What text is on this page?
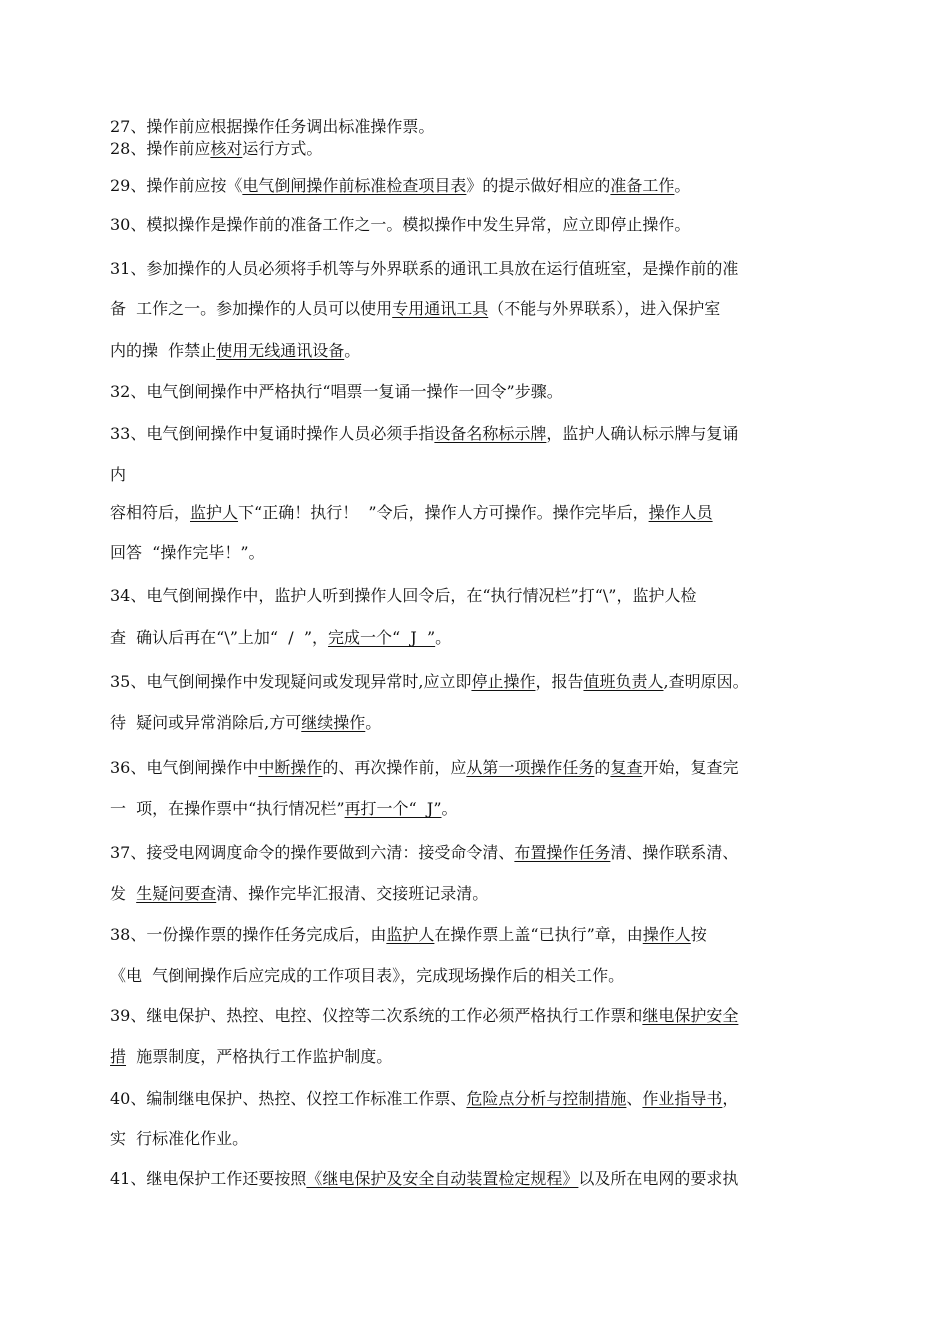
27、操作前应根据操作任务调出标准操作票。
28、操作前应核对运行方式。
29、操作前应按《电气倒闸操作前标准检查项目表》的提示做好相应的准备工作。
30、模拟操作是操作前的准备工作之一。模拟操作中发生异常，应立即停止操作。
31、参加操作的人员必须将手机等与外界联系的通讯工具放在运行值班室，是操作前的准
备  工作之一。参加操作的人员可以使用专用通讯工具（不能与外界联系），进入保护室
内的操  作禁止使用无线通讯设备。
32、电气倒闸操作中严格执行“唱票一复诵一操作一回令”步骤。
33、电气倒闸操作中复诵时操作人员必须手指设备名称标示牌，监护人确认标示牌与复诵
内
容相符后，监护人下“正确！执行！  ”令后，操作人方可操作。操作完毕后，操作人员
回答  “操作完毕！”。
34、电气倒闸操作中，监护人听到操作人回令后，在“执行情况栏”打“\”，监护人检
查  确认后再在“\”上加“  /  ”，完成一个“  J  ”。
35、电气倒闸操作中发现疑问或发现异常时,应立即停止操作，报告值班负责人,查明原因。
待  疑问或异常消除后,方可继续操作。
36、电气倒闸操作中中断操作的、再次操作前，应从第一项操作任务的复查开始，复查完
一  项，在操作票中“执行情况栏”再打一个“  J”。
37、接受电网调度命令的操作要做到六清：接受命令清、布置操作任务清、操作联系清、
发  生疑问要查清、操作完毕汇报清、交接班记录清。
38、一份操作票的操作任务完成后，由监护人在操作票上盖“已执行”章，由操作人按
《电  气倒闸操作后应完成的工作项目表》，完成现场操作后的相关工作。
39、继电保护、热控、电控、仪控等二次系统的工作必须严格执行工作票和继电保护安全
措  施票制度，严格执行工作监护制度。
40、编制继电保护、热控、仪控工作标准工作票、危险点分析与控制措施、作业指导书，
实  行标准化作业。
41、继电保护工作还要按照《继电保护及安全自动装置检定规程》以及所在电网的要求执
